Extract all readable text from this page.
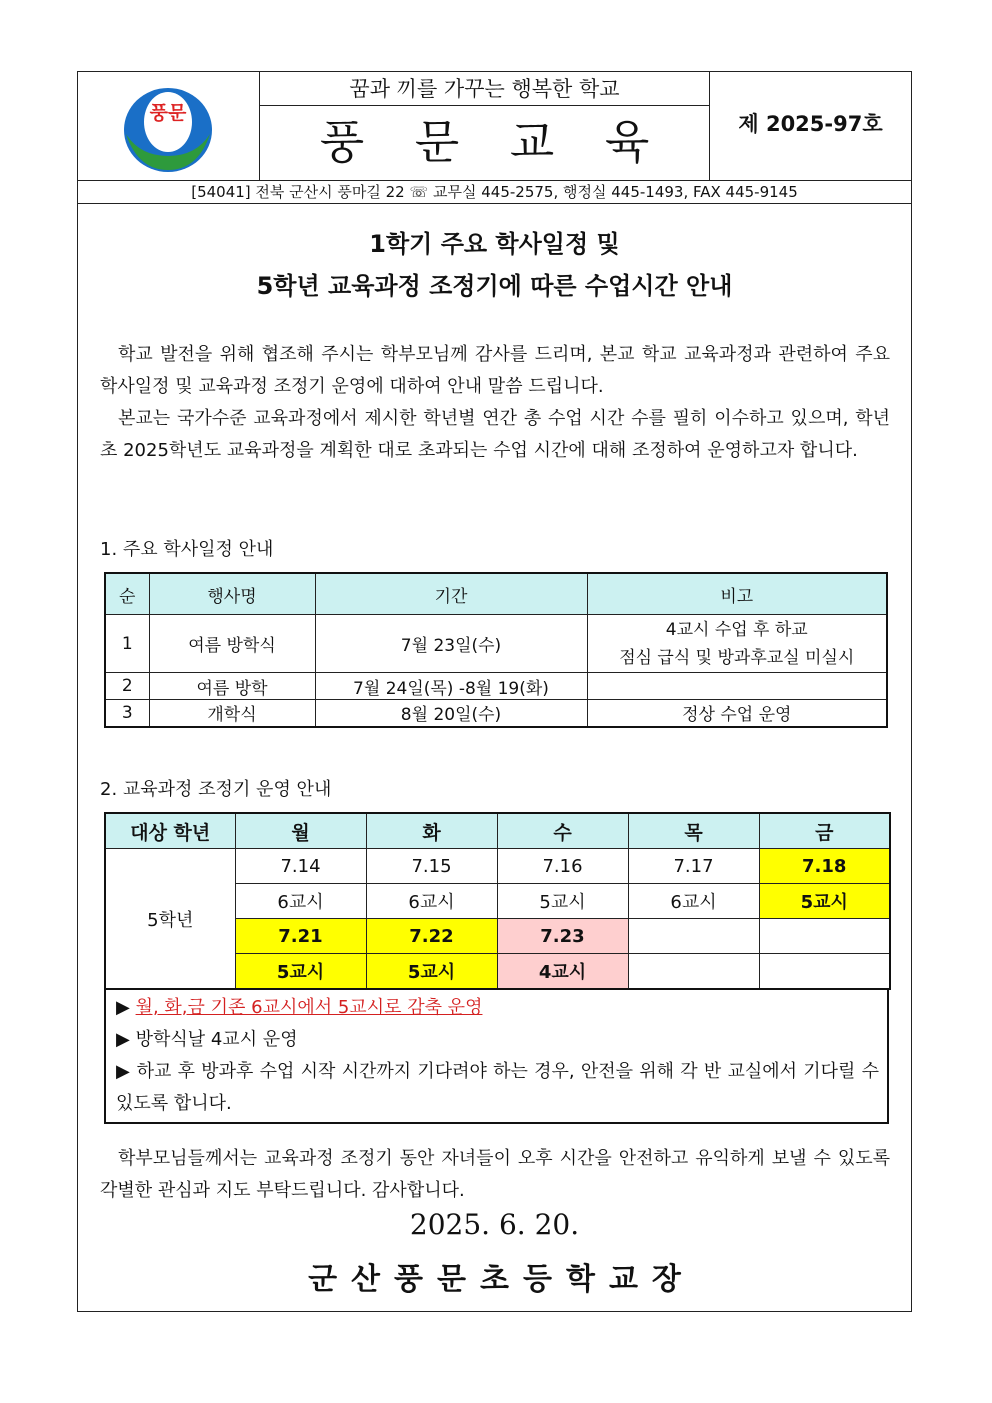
풍문
꿈과 끼를 가꾸는 행복한 학교
풍 문 교 육	제 2025-97호
[54041] 전북 군산시 풍마길 22 ☏ 교무실 445-2575, 행정실 445-1493, FAX 445-9145
1학기 주요 학사일정 및
5학년 교육과정 조정기에 따른 수업시간 안내
학교 발전을 위해 협조해 주시는 학부모님께 감사를 드리며, 본교 학교 교육과정과 관련하여 주요 학사일정 및 교육과정 조정기 운영에 대하여 안내 말씀 드립니다.
본교는 국가수준 교육과정에서 제시한 학년별 연간 총 수업 시간 수를 필히 이수하고 있으며, 학년 초 2025학년도 교육과정을 계획한 대로 초과되는 수업 시간에 대해 조정하여 운영하고자 합니다.
1. 주요 학사일정 안내
순	행사명	기간	비고
1	여름 방학식	7월 23일(수)	4교시 수업 후 하교
점심 급식 및 방과후교실 미실시

2	여름 방학	7월 24일(목) -8월 19(화)	
3	개학식	8월 20일(수)	정상 수업 운영
2. 교육과정 조정기 운영 안내
대상 학년	월	화	수	목	금
5학년	7.14	7.15	7.16	7.17	7.18
	6교시	6교시	5교시	6교시	5교시
	7.21	7.22	7.23		
	5교시	5교시	4교시		
▶ 월, 화,금 기존 6교시에서 5교시로 감축 운영
▶ 방학식날 4교시 운영
▶ 하교 후 방과후 수업 시작 시간까지 기다려야 하는 경우, 안전을 위해 각 반 교실에서 기다릴 수 있도록 합니다.
학부모님들께서는 교육과정 조정기 동안 자녀들이 오후 시간을 안전하고 유익하게 보낼 수 있도록 각별한 관심과 지도 부탁드립니다. 감사합니다.
2025. 6. 20.
군산풍문초등학교장
